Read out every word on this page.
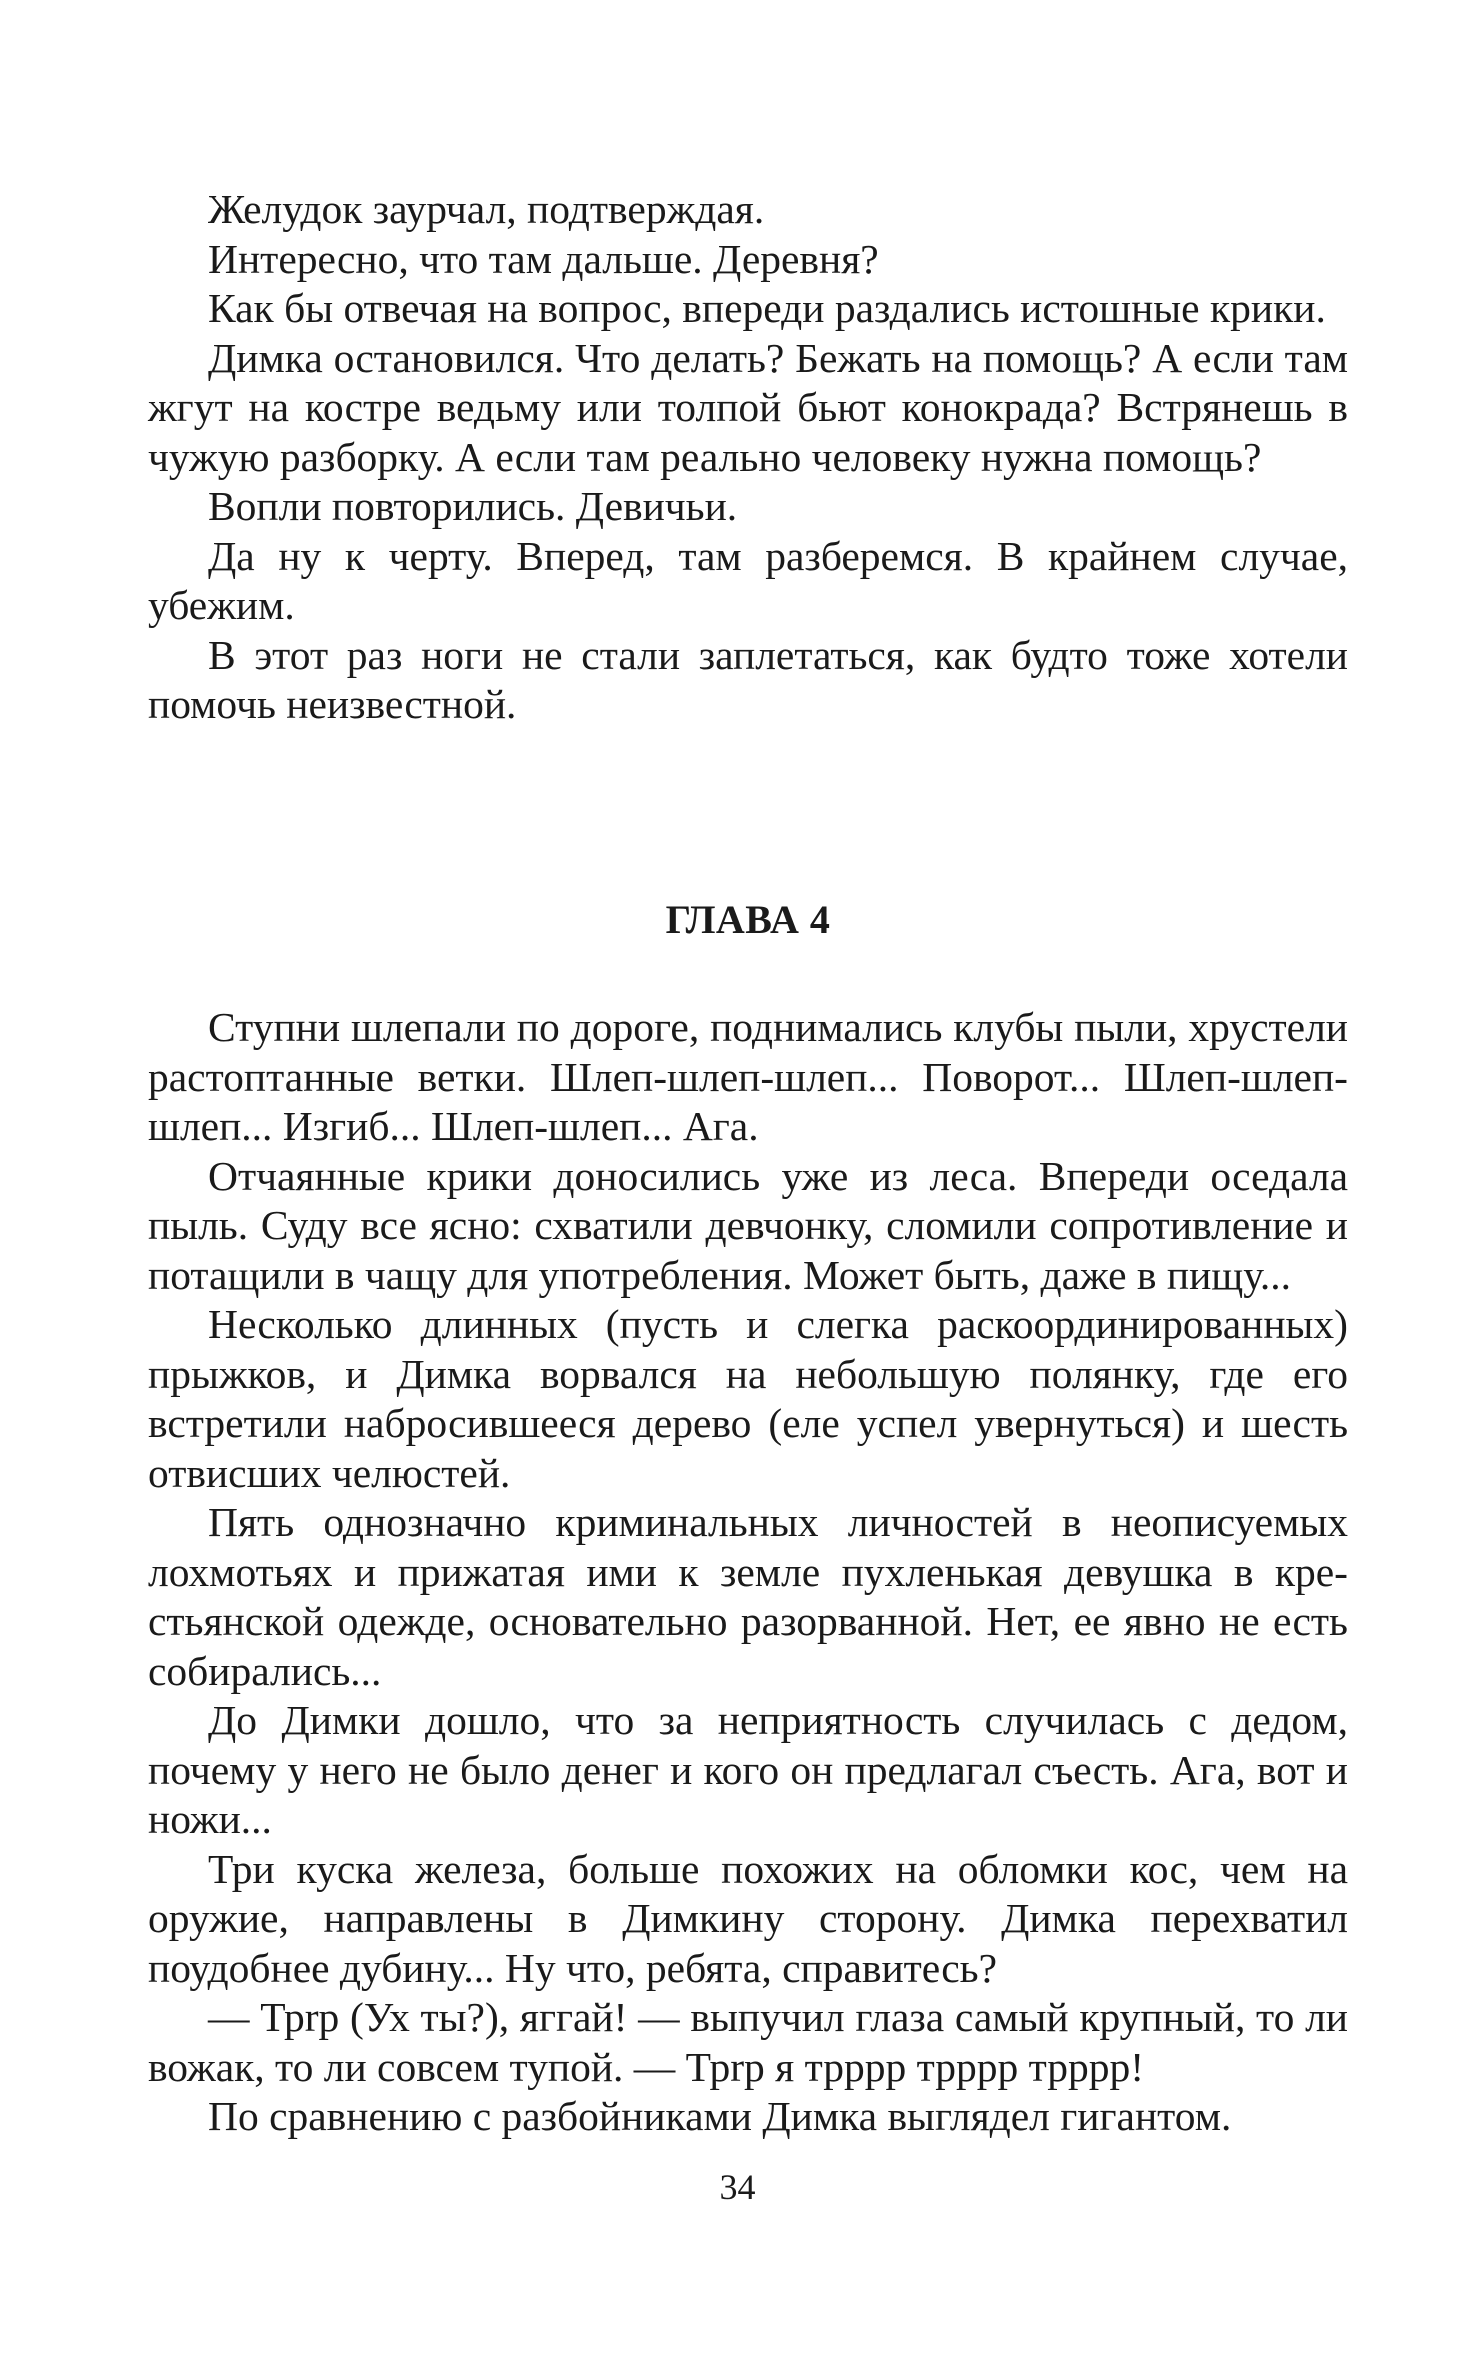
Желудок заурчал, подтверждая.

Интересно, что там дальше. Деревня?

Как бы отвечая на вопрос, впереди раздались истошные крики.

Димка остановился. Что делать? Бежать на помощь? А если там жгут на костре ведьму или толпой бьют конокрада? Встрянешь в чужую разборку. А если там реально человеку нужна помощь?

Вопли повторились. Девичьи.

Да ну к черту. Вперед, там разберемся. В крайнем случае, убежим.

В этот раз ноги не стали заплетаться, как будто тоже хотели помочь неизвестной.

ГЛАВА 4

Ступни шлепали по дороге, поднимались клубы пыли, хрустели растоптанные ветки. Шлеп-шлеп-шлеп... Поворот... Шлеп-шлеп-шлеп... Изгиб... Шлеп-шлеп... Ага.

Отчаянные крики доносились уже из леса. Впереди оседала пыль. Суду все ясно: схватили девчонку, сломили сопротивление и потащили в чащу для употребления. Может быть, даже в пищу...

Несколько длинных (пусть и слегка раскоординированных) прыжков, и Димка ворвался на небольшую полянку, где его встретили набросившееся дерево (еле успел увернуться) и шесть отвисших челюстей.

Пять однозначно криминальных личностей в неописуемых лохмотьях и прижатая ими к земле пухленькая девушка в крестьянской одежде, основательно разорванной. Нет, ее явно не есть собирались...

До Димки дошло, что за неприятность случилась с дедом, почему у него не было денег и кого он предлагал съесть. Ага, вот и ножи...

Три куска железа, больше похожих на обломки кос, чем на оружие, направлены в Димкину сторону. Димка перехватил поудобнее дубину... Ну что, ребята, справитесь?

— Трrр (Ух ты?), яггай! — выпучил глаза самый крупный, то ли вожак, то ли совсем тупой. — Трrр я трррр трррр трррр!

По сравнению с разбойниками Димка выглядел гигантом.

34
